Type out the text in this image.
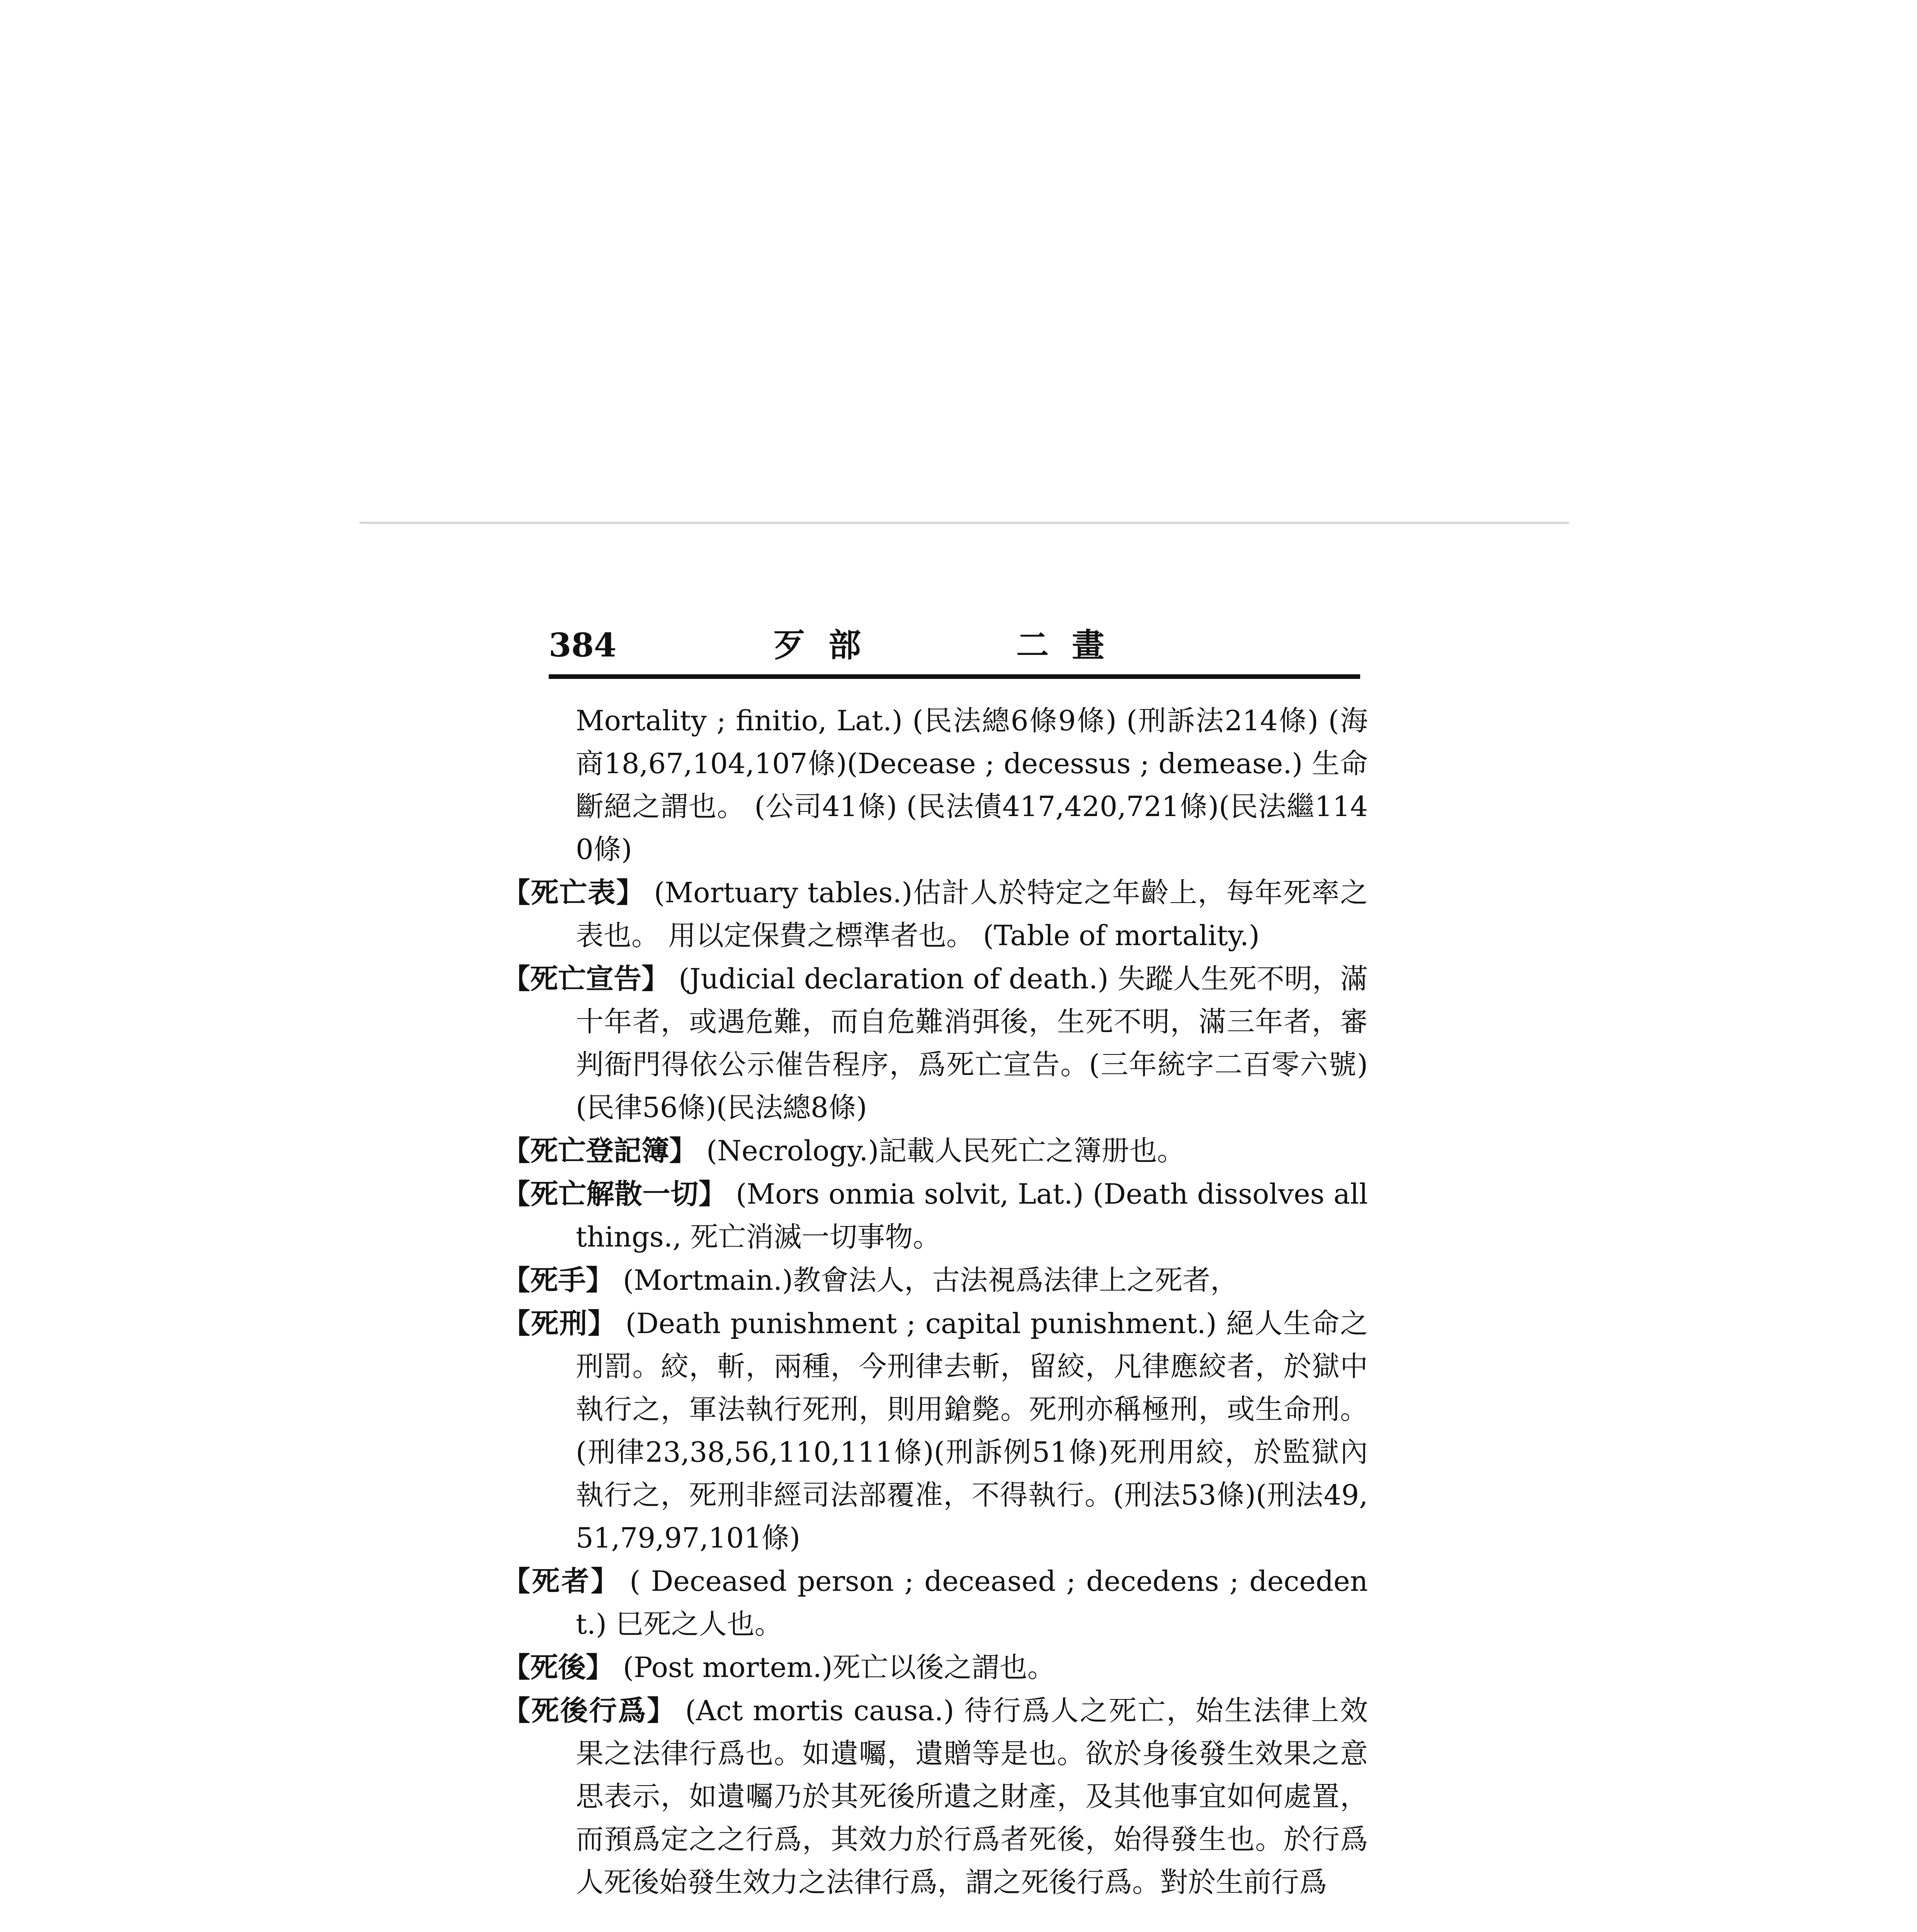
384	歹部	二畫

Mortality ; finitio, Lat.) (民法總6條9條) (刑訴法214條) (海商18,67,104,107條)(Decease ; decessus ; demease.) 生命斷絕之謂也。 (公司41條) (民法債417,420,721條)(民法繼1140條)

【死亡表】 (Mortuary tables.)估計人於特定之年齡上，每年死率之表也。 用以定保費之標準者也。 (Table of mortality.)

【死亡宣告】 (Judicial declaration of death.) 失蹤人生死不明，滿十年者，或遇危難，而自危難消弭後，生死不明，滿三年者，審判衙門得依公示催告程序，爲死亡宣告。(三年統字二百零六號)(民律56條)(民法總8條)

【死亡登記簿】 (Necrology.)記載人民死亡之簿册也。

【死亡解散一切】 (Mors onmia solvit, Lat.) (Death dissolves all things., 死亡消滅一切事物。

【死手】 (Mortmain.)教會法人，古法視爲法律上之死者，

【死刑】 (Death punishment ; capital punishment.) 絕人生命之刑罰。絞，斬，兩種，今刑律去斬，留絞，凡律應絞者，於獄中執行之，軍法執行死刑，則用鎗斃。死刑亦稱極刑，或生命刑。(刑律23,38,56,110,111條)(刑訴例51條)死刑用絞，於監獄內執行之，死刑非經司法部覆准，不得執行。(刑法53條)(刑法49,51,79,97,101條)

【死者】 ( Deceased person ; deceased ; decedens ; decedent.) 巳死之人也。

【死後】 (Post mortem.)死亡以後之謂也。

【死後行爲】 (Act mortis causa.) 待行爲人之死亡，始生法律上效果之法律行爲也。如遺囑，遺贈等是也。欲於身後發生效果之意思表示，如遺囑乃於其死後所遺之財產，及其他事宜如何處置，而預爲定之之行爲，其效力於行爲者死後，始得發生也。於行爲人死後始發生效力之法律行爲，謂之死後行爲。對於生前行爲
